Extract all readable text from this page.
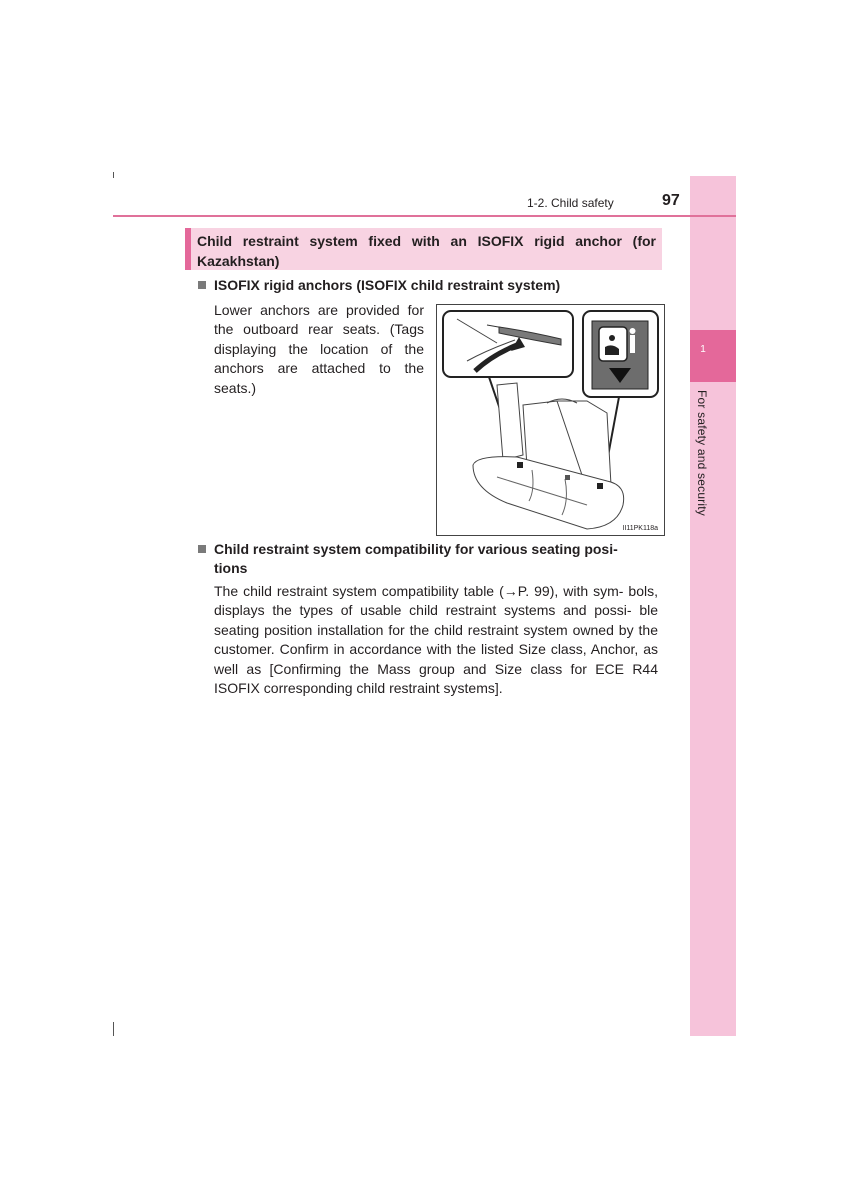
1
For safety and security
1-2. Child safety	97
Child restraint system fixed with an ISOFIX rigid anchor (for Kazakhstan)
ISOFIX rigid anchors (ISOFIX child restraint system)
Lower anchors are provided for the outboard rear seats. (Tags displaying the location of the anchors are attached to the seats.)
II11PK118a
Child restraint system compatibility for various seating posi-
tions
The child restraint system compatibility table (→P. 99), with sym- bols, displays the types of usable child restraint systems and possi- ble seating position installation for the child restraint system owned by the customer. Confirm in accordance with the listed Size class, Anchor, as well as [Confirming the Mass group and Size class for ECE R44 ISOFIX corresponding child restraint systems].
